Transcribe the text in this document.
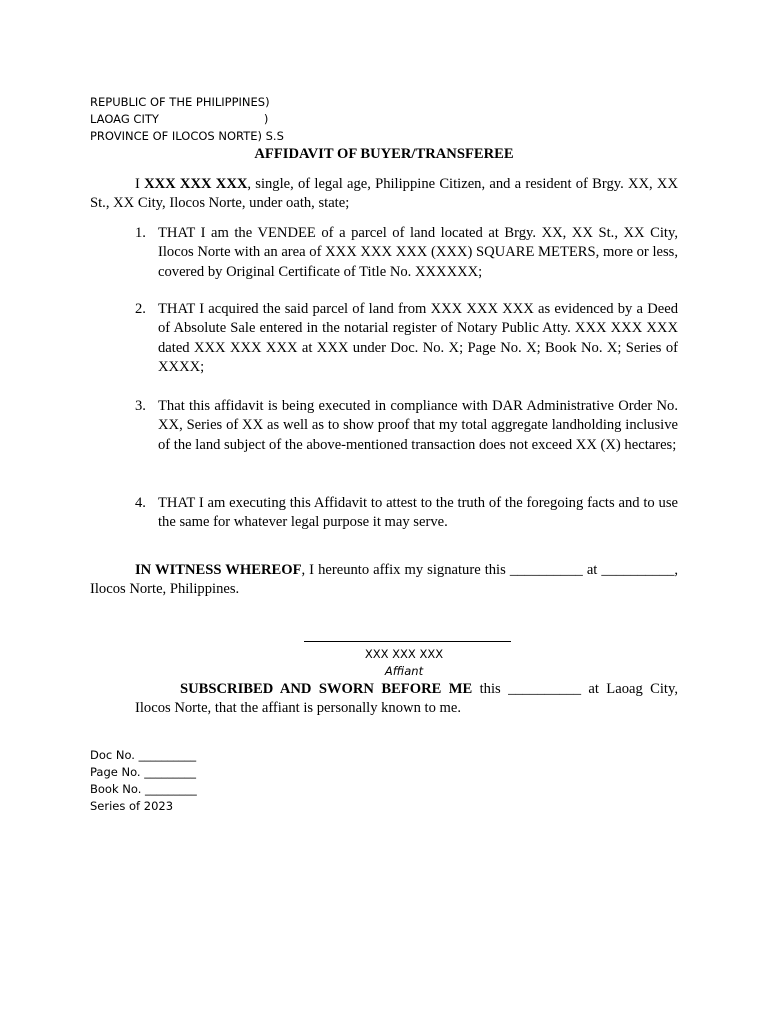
REPUBLIC OF THE PHILIPPINES)
LAOAG CITY	)
PROVINCE OF ILOCOS NORTE) S.S
AFFIDAVIT OF BUYER/TRANSFEREE
I XXX XXX XXX, single, of legal age, Philippine Citizen, and a resident of Brgy. XX, XX St., XX City, Ilocos Norte, under oath, state;
1. THAT I am the VENDEE of a parcel of land located at Brgy. XX, XX St., XX City, Ilocos Norte with an area of XXX XXX XXX (XXX) SQUARE METERS, more or less, covered by Original Certificate of Title No. XXXXXX;
2. THAT I acquired the said parcel of land from XXX XXX XXX as evidenced by a Deed of Absolute Sale entered in the notarial register of Notary Public Atty. XXX XXX XXX dated XXX XXX XXX at XXX under Doc. No. X; Page No. X; Book No. X; Series of XXXX;
3. That this affidavit is being executed in compliance with DAR Administrative Order No. XX, Series of XX as well as to show proof that my total aggregate landholding inclusive of the land subject of the above-mentioned transaction does not exceed XX (X) hectares;
4. THAT I am executing this Affidavit to attest to the truth of the foregoing facts and to use the same for whatever legal purpose it may serve.
IN WITNESS WHEREOF, I hereunto affix my signature this __________ at __________, Ilocos Norte, Philippines.
XXX XXX XXX
Affiant
SUBSCRIBED AND SWORN BEFORE ME this __________ at Laoag City, Ilocos Norte, that the affiant is personally known to me.
Doc No. __________
Page No. _________
Book No. _________
Series of 2023
